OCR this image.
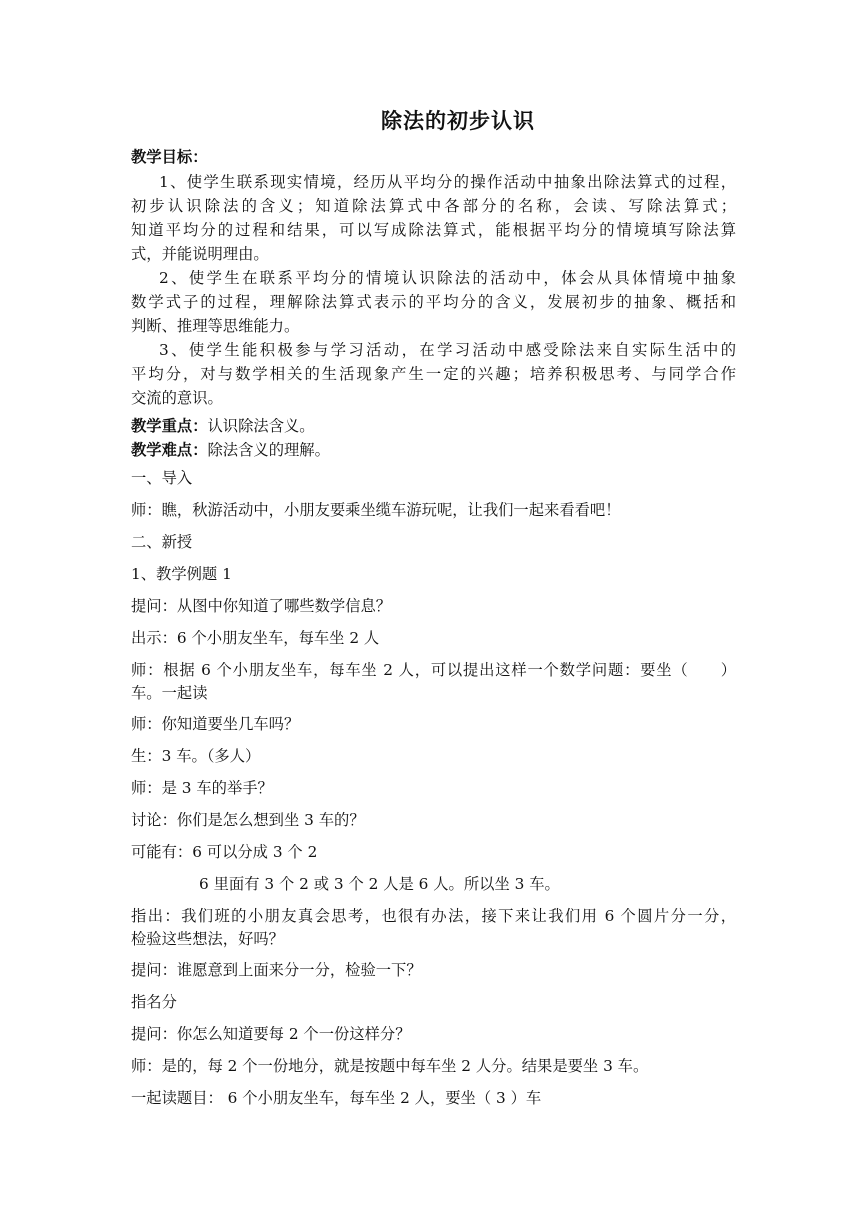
除法的初步认识
教学目标：
1、使学生联系现实情境，经历从平均分的操作活动中抽象出除法算式的过程，
初步认识除法的含义；知道除法算式中各部分的名称，会读、写除法算式；
知道平均分的过程和结果，可以写成除法算式，能根据平均分的情境填写除法算
式，并能说明理由。
2、使学生在联系平均分的情境认识除法的活动中，体会从具体情境中抽象
数学式子的过程，理解除法算式表示的平均分的含义，发展初步的抽象、概括和
判断、推理等思维能力。
3、使学生能积极参与学习活动，在学习活动中感受除法来自实际生活中的
平均分，对与数学相关的生活现象产生一定的兴趣；培养积极思考、与同学合作
交流的意识。
教学重点：认识除法含义。
教学难点：除法含义的理解。
一、导入
师：瞧，秋游活动中，小朋友要乘坐缆车游玩呢，让我们一起来看看吧！
二、新授
1、教学例题 1
提问：从图中你知道了哪些数学信息？
出示：6 个小朋友坐车，每车坐 2 人
师：根据 6 个小朋友坐车，每车坐 2 人，可以提出这样一个数学问题：要坐（　　）
车。一起读
师：你知道要坐几车吗？
生：3 车。（多人）
师：是 3 车的举手？
讨论：你们是怎么想到坐 3 车的？
可能有：6 可以分成 3 个 2
6 里面有 3 个 2 或 3 个 2 人是 6 人。所以坐 3 车。
指出：我们班的小朋友真会思考，也很有办法，接下来让我们用 6 个圆片分一分，
检验这些想法，好吗？
提问：谁愿意到上面来分一分，检验一下？
指名分
提问：你怎么知道要每 2 个一份这样分？
师：是的，每 2 个一份地分，就是按题中每车坐 2 人分。结果是要坐 3 车。
一起读题目： 6 个小朋友坐车，每车坐 2 人，要坐（ 3 ）车
